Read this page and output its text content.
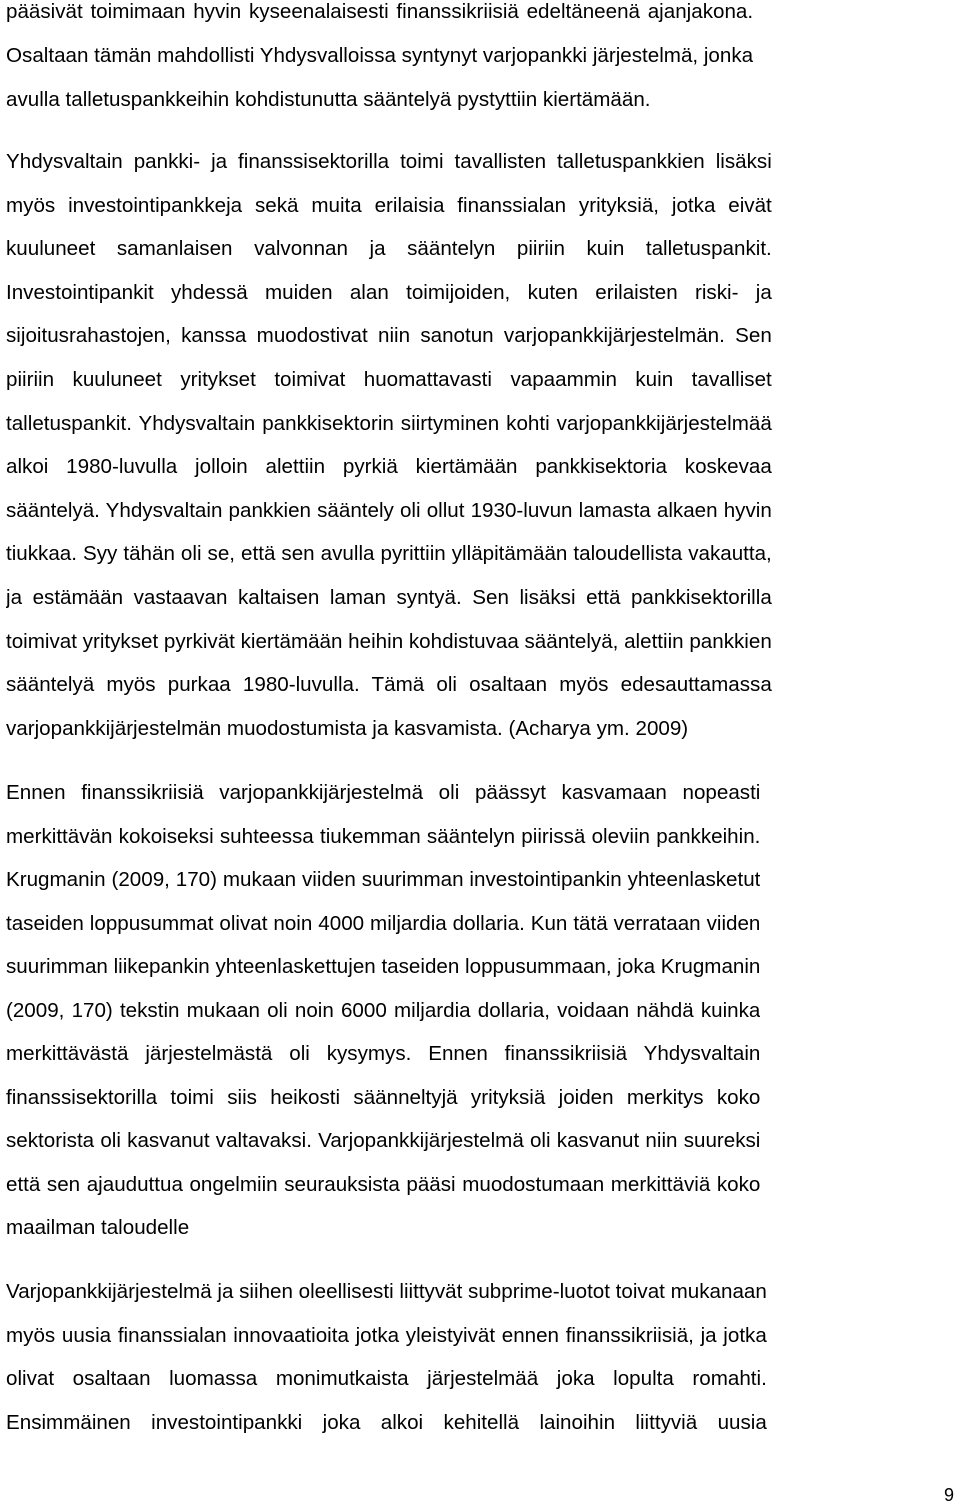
pääsivät toimimaan hyvin kyseenalaisesti finanssikriisiä edeltäneenä ajanjakona.
Osaltaan tämän mahdollisti Yhdysvalloissa syntynyt varjopankki järjestelmä, jonka
avulla talletuspankkeihin kohdistunutta sääntelyä pystyttiin kiertämään.
Yhdysvaltain pankki- ja finanssisektorilla toimi tavallisten talletuspankkien lisäksi
myös investointipankkeja sekä muita erilaisia finanssialan yrityksiä, jotka eivät
kuuluneet samanlaisen valvonnan ja sääntelyn piiriin kuin talletuspankit.
Investointipankit yhdessä muiden alan toimijoiden, kuten erilaisten riski- ja
sijoitusrahastojen, kanssa muodostivat niin sanotun varjopankkijärjestelmän. Sen
piiriin kuuluneet yritykset toimivat huomattavasti vapaammin kuin tavalliset
talletuspankit. Yhdysvaltain pankkisektorin siirtyminen kohti varjopankkijärjestelmää
alkoi 1980-luvulla jolloin alettiin pyrkiä kiertämään pankkisektoria koskevaa
sääntelyä. Yhdysvaltain pankkien sääntely oli ollut 1930-luvun lamasta alkaen hyvin
tiukkaa. Syy tähän oli se, että sen avulla pyrittiin ylläpitämään taloudellista vakautta,
ja estämään vastaavan kaltaisen laman syntyä. Sen lisäksi että pankkisektorilla
toimivat yritykset pyrkivät kiertämään heihin kohdistuvaa sääntelyä, alettiin pankkien
sääntelyä myös purkaa 1980-luvulla. Tämä oli osaltaan myös edesauttamassa
varjopankkijärjestelmän muodostumista ja kasvamista. (Acharya ym. 2009)
Ennen finanssikriisiä varjopankkijärjestelmä oli päässyt kasvamaan nopeasti
merkittävän kokoiseksi suhteessa tiukemman sääntelyn piirissä oleviin pankkeihin.
Krugmanin (2009, 170) mukaan viiden suurimman investointipankin yhteenlasketut
taseiden loppusummat olivat noin 4000 miljardia dollaria. Kun tätä verrataan viiden
suurimman liikepankin yhteenlaskettujen taseiden loppusummaan, joka Krugmanin
(2009, 170) tekstin mukaan oli noin 6000 miljardia dollaria, voidaan nähdä kuinka
merkittävästä järjestelmästä oli kysymys. Ennen finanssikriisiä Yhdysvaltain
finanssisektorilla toimi siis heikosti säänneltyjä yrityksiä joiden merkitys koko
sektorista oli kasvanut valtavaksi. Varjopankkijärjestelmä oli kasvanut niin suureksi
että sen ajauduttua ongelmiin seurauksista pääsi muodostumaan merkittäviä koko
maailman taloudelle
Varjopankkijärjestelmä ja siihen oleellisesti liittyvät subprime-luotot toivat mukanaan
myös uusia finanssialan innovaatioita jotka yleistyivät ennen finanssikriisiä, ja jotka
olivat osaltaan luomassa monimutkaista järjestelmää joka lopulta romahti.
Ensimmäinen investointipankki joka alkoi kehitellä lainoihin liittyviä uusia
9
